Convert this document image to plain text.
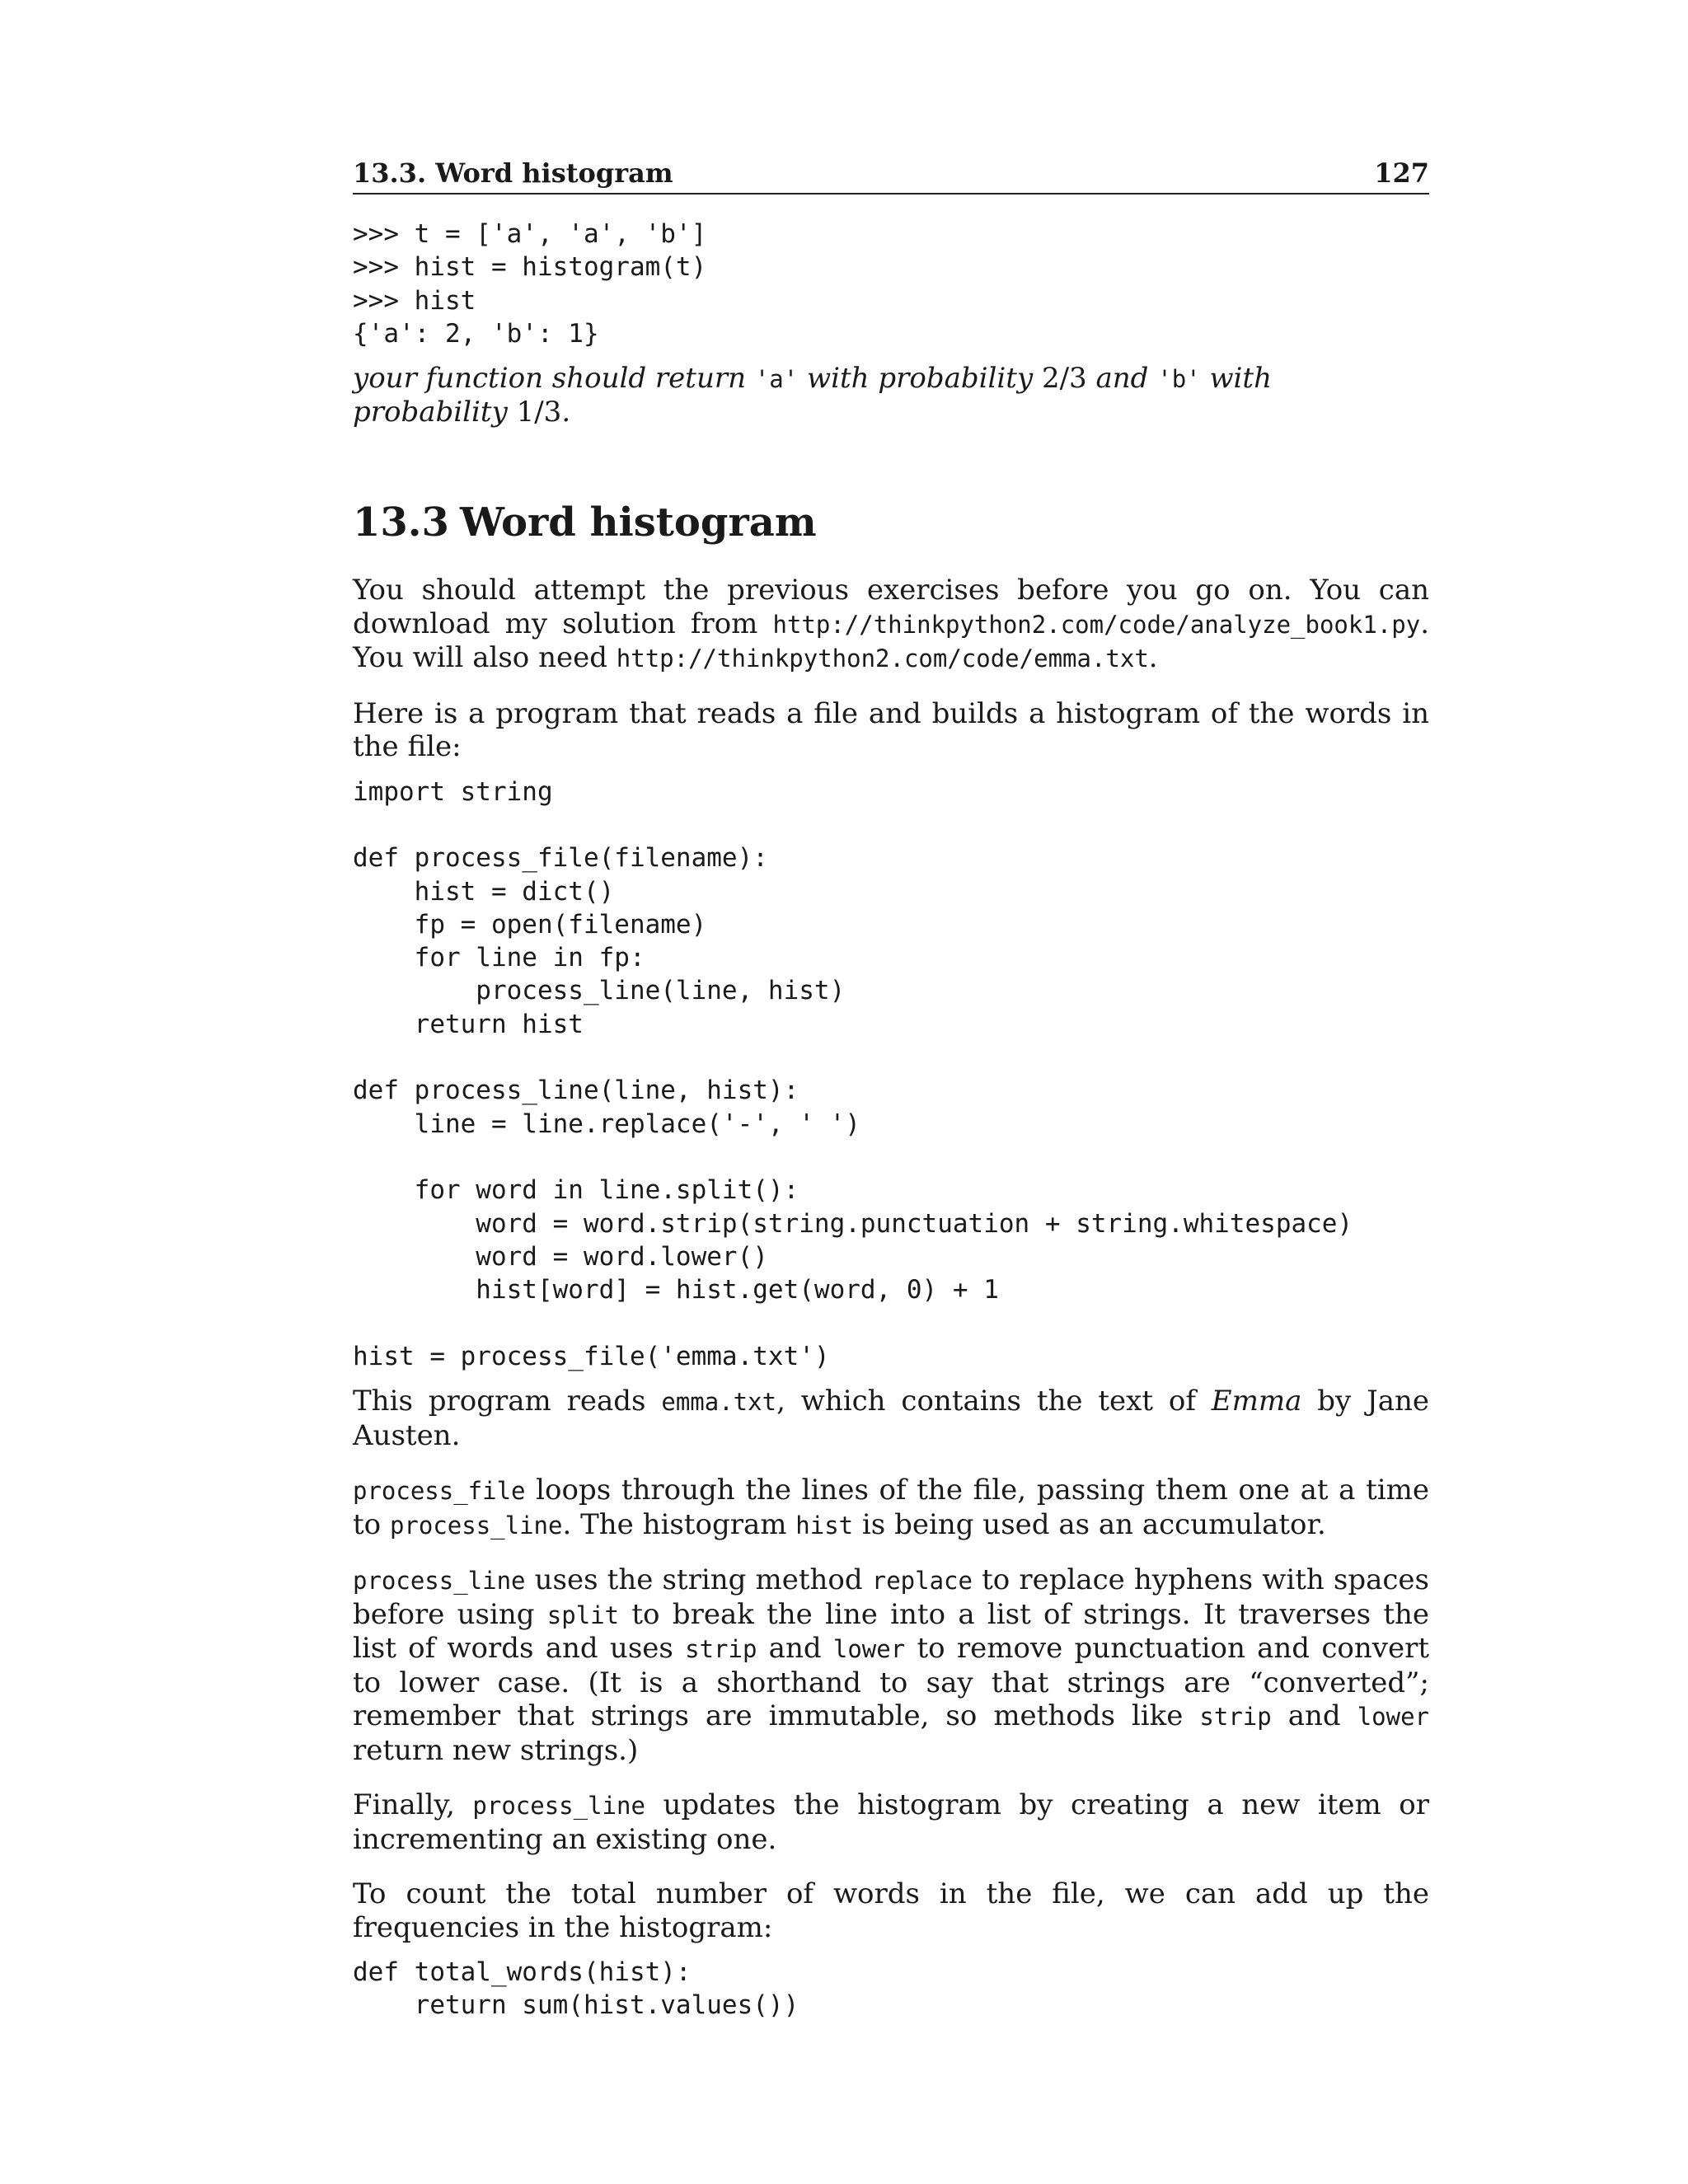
13.3. Word histogram	127
>>> t = ['a', 'a', 'b']
>>> hist = histogram(t)
>>> hist
{'a': 2, 'b': 1}
your function should return 'a' with probability 2/3 and 'b' with probability 1/3.
13.3 Word histogram

You should attempt the previous exercises before you go on. You can download my solution from http://thinkpython2.com/code/analyze_book1.py. You will also need http://thinkpython2.com/code/emma.txt.

Here is a program that reads a file and builds a histogram of the words in the file:

import string

def process_file(filename):
hist = dict()
fp = open(filename)
for line in fp:
process_line(line, hist)
return hist

def process_line(line, hist):
line = line.replace('-', ' ')

for word in line.split():
word = word.strip(string.punctuation + string.whitespace)
word = word.lower()
hist[word] = hist.get(word, 0) + 1

hist = process_file('emma.txt')

This program reads emma.txt, which contains the text of Emma by Jane Austen.

process_file loops through the lines of the file, passing them one at a time to process_line. The histogram hist is being used as an accumulator.

process_line uses the string method replace to replace hyphens with spaces before using split to break the line into a list of strings. It traverses the list of words and uses strip and lower to remove punctuation and convert to lower case. (It is a shorthand to say that strings are “converted”; remember that strings are immutable, so methods like strip and lower return new strings.)

Finally, process_line updates the histogram by creating a new item or incrementing an existing one.

To count the total number of words in the file, we can add up the frequencies in the histogram:

def total_words(hist):
return sum(hist.values())
